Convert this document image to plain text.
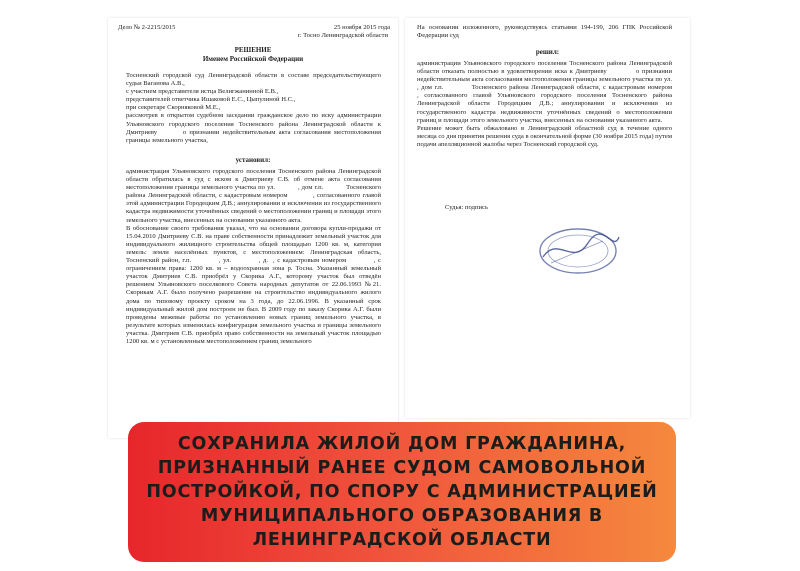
Дело № 2-2215/2015	25 ноября 2015 года
г. Тосно Ленинградской области
РЕШЕНИЕ
Именем Российской Федерации
Тосненский городской суд Ленинградской области в составе председательствующего судьи Ваганова А.В.,
с участием представителя истца Велигжанинной Е.В.,
представителей ответчика Ишаковой Е.С., Цыпулиной Н.С.,
при секретаре Скорняковой М.Е.,
рассмотрев в открытом судебном заседании гражданское дело по иску администрации Ульяновского городского поселения Тосненского района Ленинградской области к Дмитриеву        о признании недействительным акта согласования местоположения границы земельного участка,
установил:
администрация Ульяновского городского поселения Тосненского района Ленинградской области обратилась в суд с иском к Дмитриеву С.В. об отмене акта согласования местоположения границы земельного участка по ул.           , дом г.п.           Тосненского района Ленинградской области, с кадастровым номером           , согласованного главой этой администрации Городецким Д.В.; аннулировании и исключении из государственного кадастра недвижимости уточнённых сведений о местоположении границ и площади этого земельного участка, внесенных на основании указанного акта.
В обоснование своего требования указал, что на основании договора купли-продажи от 15.04.2010 Дмитриеву С.В. на праве собственности принадлежит земельный участок для индивидуального жилищного строительства общей площадью 1200 кв. м, категория земель: земли населённых пунктов, с местоположением: Ленинградская область, Тосненский район, г.п.           , ул.           , д.  , с кадастровым номером           , с ограничением права: 1200 кв. м – водоохранная зона р. Тосна. Указанный земельный участок Дмитриев С.В. приобрёл у Скорика А.Г., которому участок был отведён решением Ульяновского поселкового Совета народных депутатов от 22.06.1993 №21. Скорикам А.Г. было получено разрешение на строительство индивидуального жилого дома по типовому проекту сроком на 3 года, до 22.06.1996. В указанный срок индивидуальный жилой дом построен не был. В 2009 году по заказу Скорика А.Г. были проведены межевые работы по установлению новых границ земельного участка, в результате которых изменилась конфигурация земельного участка и границы земельного участка. Дмитриев С.В. приобрёл право собственности на земельный участок площадью 1200 кв. м с установленным местоположением границ земельного
На основании изложенного, руководствуясь статьями 194-199, 206 ГПК Российской Федерации суд
решил:
администрации Ульяновского городского поселения Тосненского района Ленинградской области отказать полностью в удовлетворении иска к Дмитриеву           о признании недействительным акта согласования местоположения границы земельного участка по ул.           , дом г.п.           Тосненского района Ленинградской области, с кадастровым номером           , согласованного главой Ульяновского городского поселения Тосненского района Ленинградской области Городецким Д.В.; аннулировании и исключении из государственного кадастра недвижимости уточнённых сведений о местоположении границ и площади этого земельного участка, внесенных на основании указанного акта.
Решение может быть обжаловано в Ленинградский областной суд в течение одного месяца со дня принятия решения суда в окончательной форме (30 ноября 2015 года) путем подачи апелляционной жалобы через Тосненский городской суд.
Судья: подпись
СОХРАНИЛА ЖИЛОЙ ДОМ ГРАЖДАНИНА, ПРИЗНАННЫЙ РАНЕЕ СУДОМ САМОВОЛЬНОЙ ПОСТРОЙКОЙ, ПО СПОРУ С АДМИНИСТРАЦИЕЙ МУНИЦИПАЛЬНОГО ОБРАЗОВАНИЯ В ЛЕНИНГРАДСКОЙ ОБЛАСТИ
